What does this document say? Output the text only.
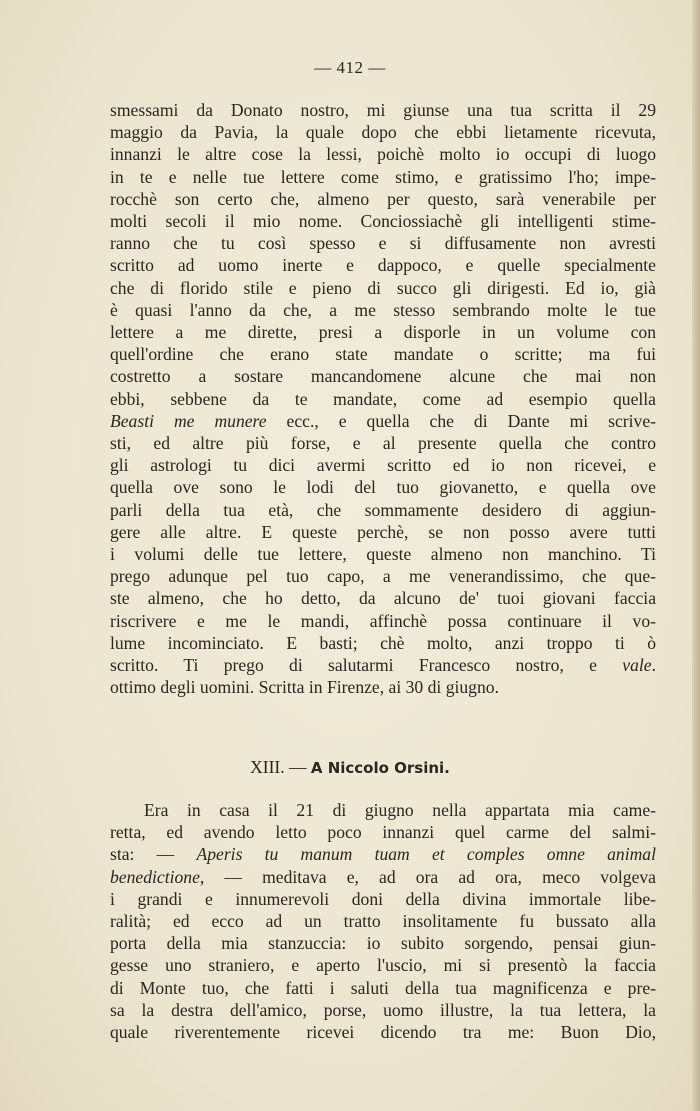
— 412 —
smessami da Donato nostro, mi giunse una tua scritta il 29
maggio da Pavia, la quale dopo che ebbi lietamente ricevuta,
innanzi le altre cose la lessi, poichè molto io occupi di luogo
in te e nelle tue lettere come stimo, e gratissimo l'ho; impe-
rocchè son certo che, almeno per questo, sarà venerabile per
molti secoli il mio nome. Conciossiachè gli intelligenti stime-
ranno che tu così spesso e si diffusamente non avresti
scritto ad uomo inerte e dappoco, e quelle specialmente
che di florido stile e pieno di succo gli dirigesti. Ed io, già
è quasi l'anno da che, a me stesso sembrando molte le tue
lettere a me dirette, presi a disporle in un volume con
quell'ordine che erano state mandate o scritte; ma fui
costretto a sostare mancandomene alcune che mai non
ebbi, sebbene da te mandate, come ad esempio quella
Beasti me munere ecc., e quella che di Dante mi scrive-
sti, ed altre più forse, e al presente quella che contro
gli astrologi tu dici avermi scritto ed io non ricevei, e
quella ove sono le lodi del tuo giovanetto, e quella ove
parli della tua età, che sommamente desidero di aggiun-
gere alle altre. E queste perchè, se non posso avere tutti
i volumi delle tue lettere, queste almeno non manchino. Ti
prego adunque pel tuo capo, a me venerandissimo, che que-
ste almeno, che ho detto, da alcuno de' tuoi giovani faccia
riscrivere e me le mandi, affinchè possa continuare il vo-
lume incominciato. E basti; chè molto, anzi troppo ti ò
scritto. Ti prego di salutarmi Francesco nostro, e vale.
ottimo degli uomini. Scritta in Firenze, ai 30 di giugno.
XIII. — A Niccolo Orsini.
Era in casa il 21 di giugno nella appartata mia came-
retta, ed avendo letto poco innanzi quel carme del salmi-
sta: — Aperis tu manum tuam et comples omne animal
benedictione, — meditava e, ad ora ad ora, meco volgeva
i grandi e innumerevoli doni della divina immortale libe-
ralità; ed ecco ad un tratto insolitamente fu bussato alla
porta della mia stanzuccia: io subito sorgendo, pensai giun-
gesse uno straniero, e aperto l'uscio, mi si presentò la faccia
di Monte tuo, che fatti i saluti della tua magnificenza e pre-
sa la destra dell'amico, porse, uomo illustre, la tua lettera, la
quale riverentemente ricevei dicendo tra me: Buon Dio,
